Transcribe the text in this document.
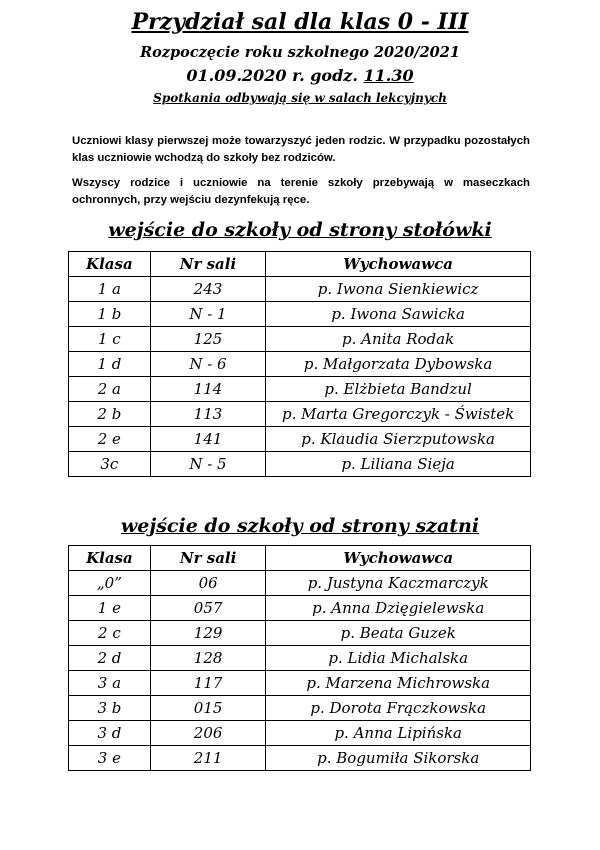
Przydział sal dla klas 0 - III
Rozpoczęcie roku szkolnego 2020/2021
01.09.2020 r. godz. 11.30
Spotkania odbywają się w salach lekcyjnych

Uczniowi klasy pierwszej może towarzyszyć jeden rodzic. W przypadku pozostałych klas uczniowie wchodzą do szkoły bez rodziców.

Wszyscy rodzice i uczniowie na terenie szkoły przebywają w maseczkach ochronnych, przy wejściu dezynfekują ręce.

wejście do szkoły od strony stołówki
Klasa	Nr sali	Wychowawca
1 a	243	p. Iwona Sienkiewicz
1 b	N - 1	p. Iwona Sawicka
1 c	125	p. Anita Rodak
1 d	N - 6	p. Małgorzata Dybowska
2 a	114	p. Elżbieta Bandzul
2 b	113	p. Marta Gregorczyk - Świstek
2 e	141	p. Klaudia Sierzputowska
3c	N - 5	p. Liliana Sieja
wejście do szkoły od strony szatni
Klasa	Nr sali	Wychowawca
„0”	06	p. Justyna Kaczmarczyk
1 e	057	p. Anna Dzięgielewska
2 c	129	p. Beata Guzek
2 d	128	p. Lidia Michalska
3 a	117	p. Marzena Michrowska
3 b	015	p. Dorota Frączkowska
3 d	206	p. Anna Lipińska
3 e	211	p. Bogumiła Sikorska
